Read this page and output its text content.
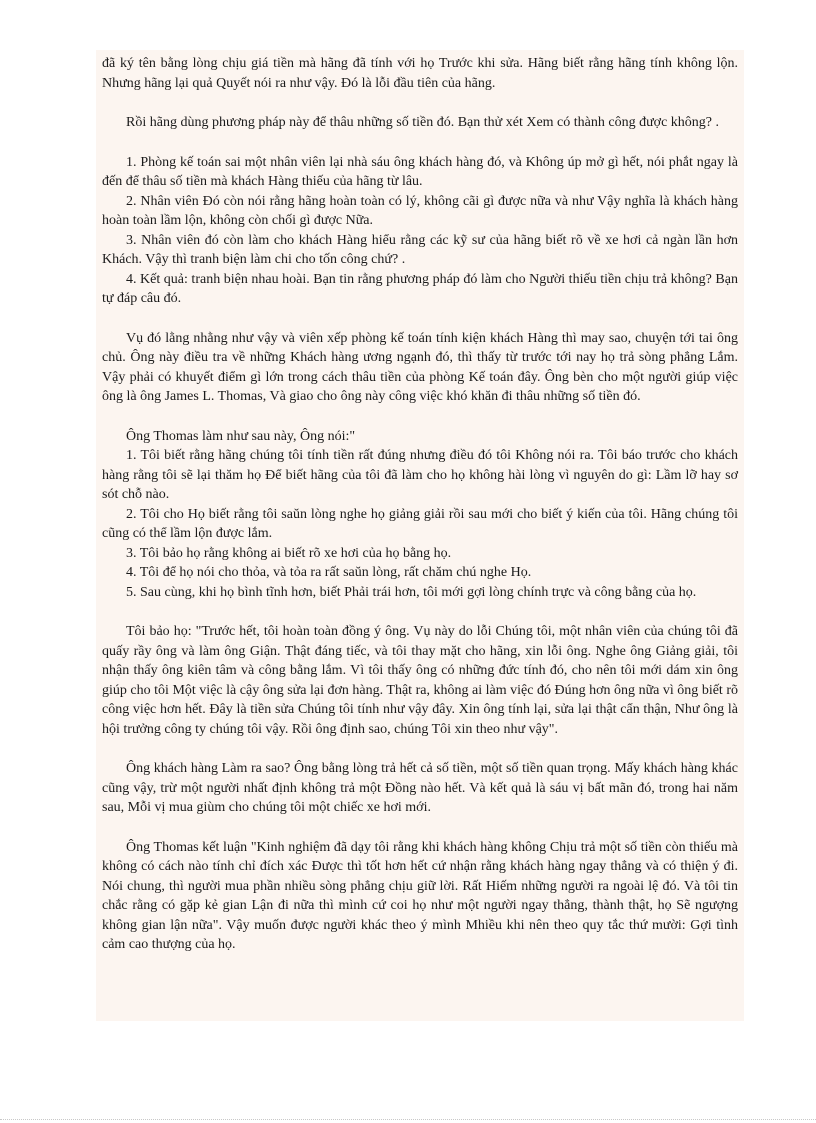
đã ký tên bằng lòng chịu giá tiền mà hãng đã tính với họ Trước khi sửa. Hãng biết rằng hãng tính không lộn. Nhưng hãng lại quả Quyết nói ra như vậy. Đó là lỗi đầu tiên của hãng.

Rồi hãng dùng phương pháp này để thâu những số tiền đó. Bạn thử xét Xem có thành công được không? .

1. Phòng kế toán sai một nhân viên lại nhà sáu ông khách hàng đó, và Không úp mở gì hết, nói phắt ngay là đến để thâu số tiền mà khách Hàng thiếu của hãng từ lâu.

2. Nhân viên Đó còn nói rằng hãng hoàn toàn có lý, không cãi gì được nữa và như Vậy nghĩa là khách hàng hoàn toàn lầm lộn, không còn chối gì được Nữa.

3. Nhân viên đó còn làm cho khách Hàng hiểu rằng các kỹ sư của hãng biết rõ về xe hơi cả ngàn lần hơn Khách. Vậy thì tranh biện làm chi cho tốn công chứ? .

4. Kết quả: tranh biện nhau hoài. Bạn tin rằng phương pháp đó làm cho Người thiếu tiền chịu trả không? Bạn tự đáp câu đó.

Vụ đó lằng nhằng như vậy và viên xếp phòng kế toán tính kiện khách Hàng thì may sao, chuyện tới tai ông chủ. Ông này điều tra về những Khách hàng ương ngạnh đó, thì thấy từ trước tới nay họ trả sòng phẳng Lắm. Vậy phải có khuyết điểm gì lớn trong cách thâu tiền của phòng Kế toán đây. Ông bèn cho một người giúp việc ông là ông James L. Thomas, Và giao cho ông này công việc khó khăn đi thâu những số tiền đó.

Ông Thomas làm như sau này, Ông nói:"

1. Tôi biết rằng hãng chúng tôi tính tiền rất đúng nhưng điều đó tôi Không nói ra. Tôi báo trước cho khách hàng rằng tôi sẽ lại thăm họ Để biết hãng của tôi đã làm cho họ không hài lòng vì nguyên do gì: Lầm lỡ hay sơ sót chỗ nào.

2. Tôi cho Họ biết rằng tôi saŭn lòng nghe họ giảng giải rồi sau mới cho biết ý kiến của tôi. Hãng chúng tôi cũng có thể lầm lộn được lắm.

3. Tôi bảo họ rằng không ai biết rõ xe hơi của họ bằng họ.

4. Tôi để họ nói cho thỏa, và tỏa ra rất saŭn lòng, rất chăm chú nghe Họ.

5. Sau cùng, khi họ bình tĩnh hơn, biết Phải trái hơn, tôi mới gợi lòng chính trực và công bằng của họ.

Tôi bảo họ: "Trước hết, tôi hoàn toàn đồng ý ông. Vụ này do lỗi Chúng tôi, một nhân viên của chúng tôi đã quấy rầy ông và làm ông Giận. Thật đáng tiếc, và tôi thay mặt cho hãng, xin lỗi ông. Nghe ông Giảng giải, tôi nhận thấy ông kiên tâm và công bằng lắm. Vì tôi thấy ông có những đức tính đó, cho nên tôi mới dám xin ông giúp cho tôi Một việc là cậy ông sửa lại đơn hàng. Thật ra, không ai làm việc đó Đúng hơn ông nữa vì ông biết rõ công việc hơn hết. Đây là tiền sửa Chúng tôi tính như vậy đây. Xin ông tính lại, sửa lại thật cẩn thận, Như ông là hội trưởng công ty chúng tôi vậy. Rồi ông định sao, chúng Tôi xin theo như vậy".

Ông khách hàng Làm ra sao? Ông bằng lòng trả hết cả số tiền, một số tiền quan trọng. Mấy khách hàng khác cũng vậy, trừ một người nhất định không trả một Đồng nào hết. Và kết quả là sáu vị bất mãn đó, trong hai năm sau, Mỗi vị mua giùm cho chúng tôi một chiếc xe hơi mới.

Ông Thomas kết luận "Kinh nghiệm đã dạy tôi rằng khi khách hàng không Chịu trả một số tiền còn thiếu mà không có cách nào tính chỉ đích xác Được thì tốt hơn hết cứ nhận rằng khách hàng ngay thẳng và có thiện ý đi. Nói chung, thì người mua phần nhiều sòng phẳng chịu giữ lời. Rất Hiếm những người ra ngoài lệ đó. Và tôi tin chắc rằng có gặp kẻ gian Lận đi nữa thì mình cứ coi họ như một người ngay thẳng, thành thật, họ Sẽ ngượng không gian lận nữa". Vậy muốn được người khác theo ý mình Mhiều khi nên theo quy tắc thứ mười: Gợi tình cảm cao thượng của họ.
